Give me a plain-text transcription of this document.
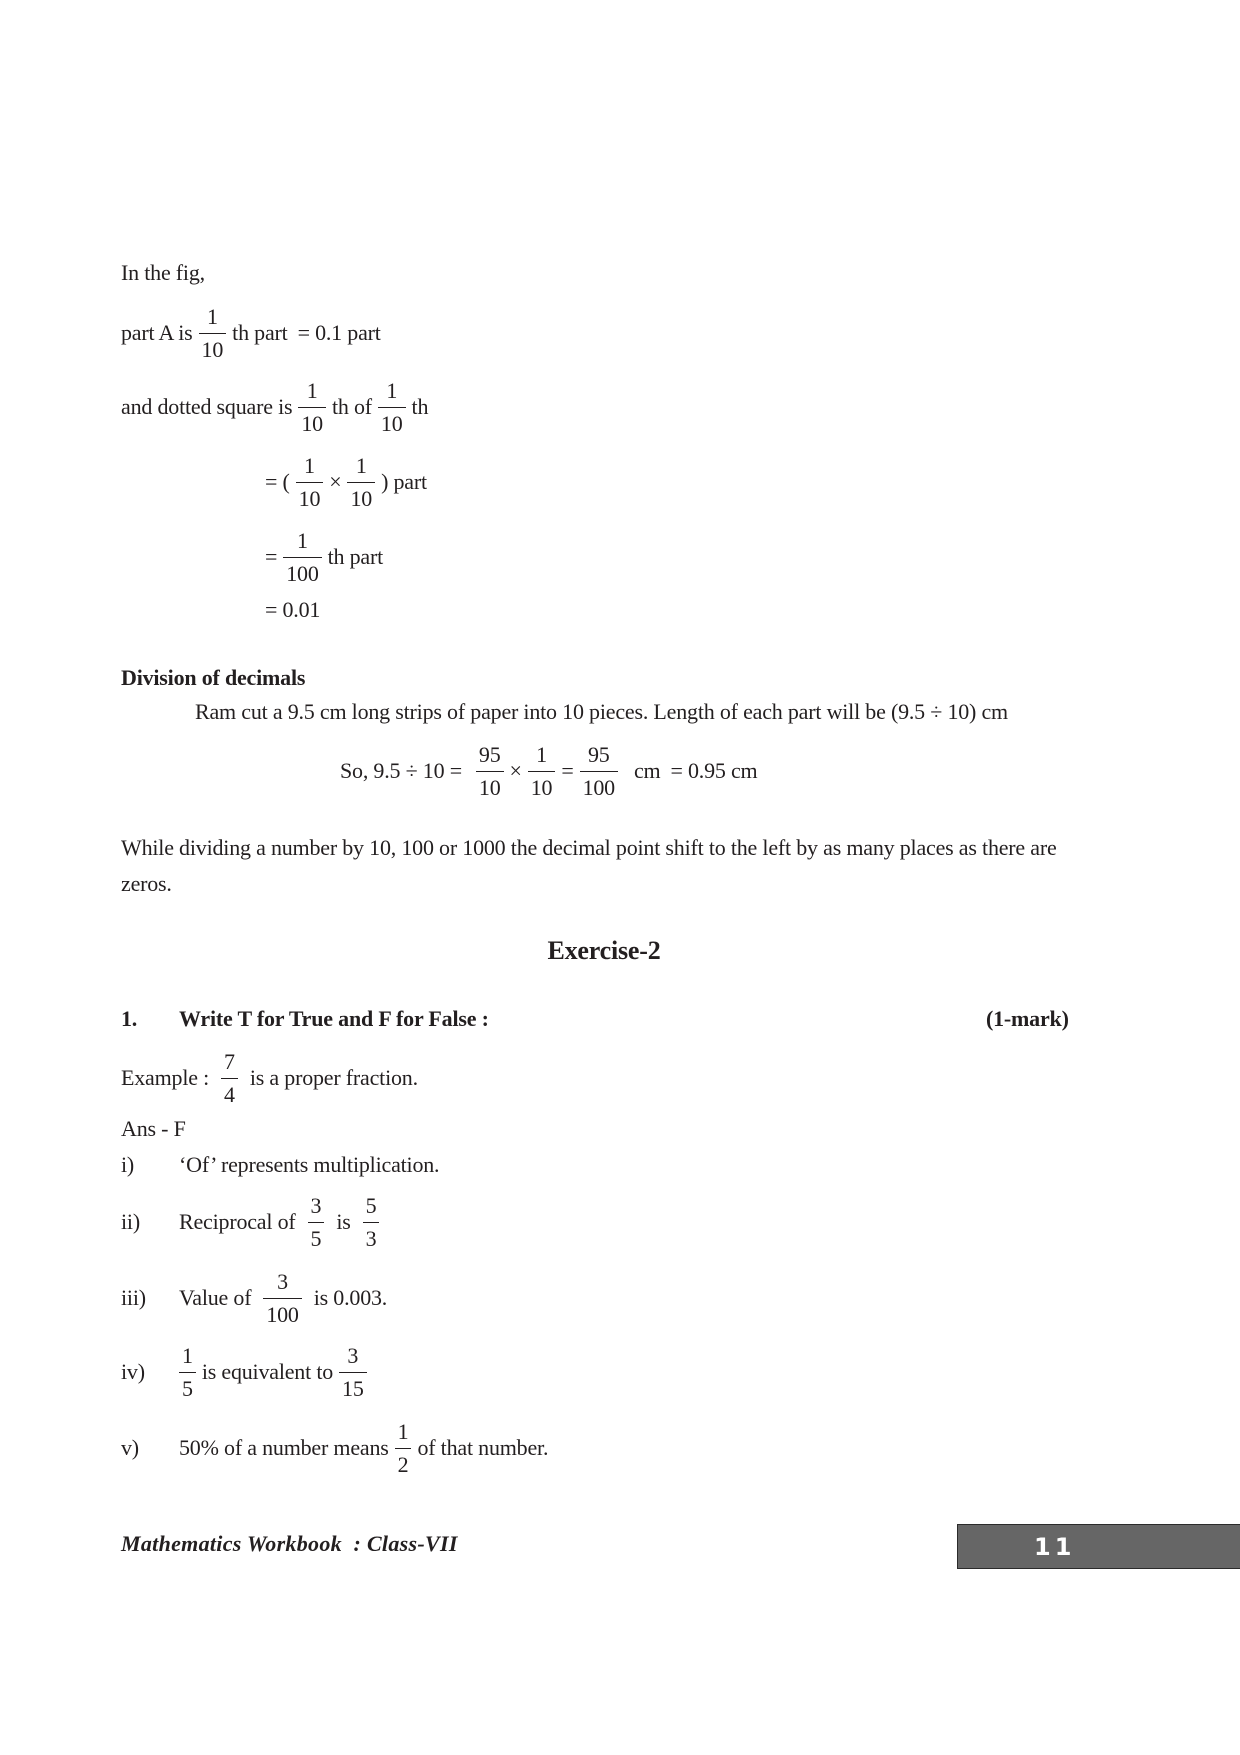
In the fig,
part A is $\frac{1}{10}$ th part = 0.1 part
and dotted square is $\frac{1}{10}$ th of $\frac{1}{10}$ th
= ( $\frac{1}{10} \times \frac{1}{10}$ ) part
= $\frac{1}{100}$ th part
= 0.01
Division of decimals
Ram cut a 9.5 cm long strips of paper into 10 pieces. Length of each part will be (9.5 ÷ 10) cm
So, $9.5 \div 10 = \frac{95}{10} \times \frac{1}{10} = \frac{95}{100}$ cm = 0.95 cm
While dividing a number by 10, 100 or 1000 the decimal point shift to the left by as many places as there are
zeros.
Exercise-2
1. Write T for True and F for False :	(1-mark)
Example : $\frac{7}{4}$ is a proper fraction.
Ans - F
i) ‘Of’ represents multiplication.
ii) Reciprocal of $\frac{3}{5}$ is $\frac{5}{3}$
iii) Value of $\frac{3}{100}$ is 0.003.
$iv) \frac{1}{5}$ is equivalent to $\frac{3}{15}$
v) 50% of a number means $\frac{1}{2}$ of that number.
Mathematics Workbook  : Class-VII	11
